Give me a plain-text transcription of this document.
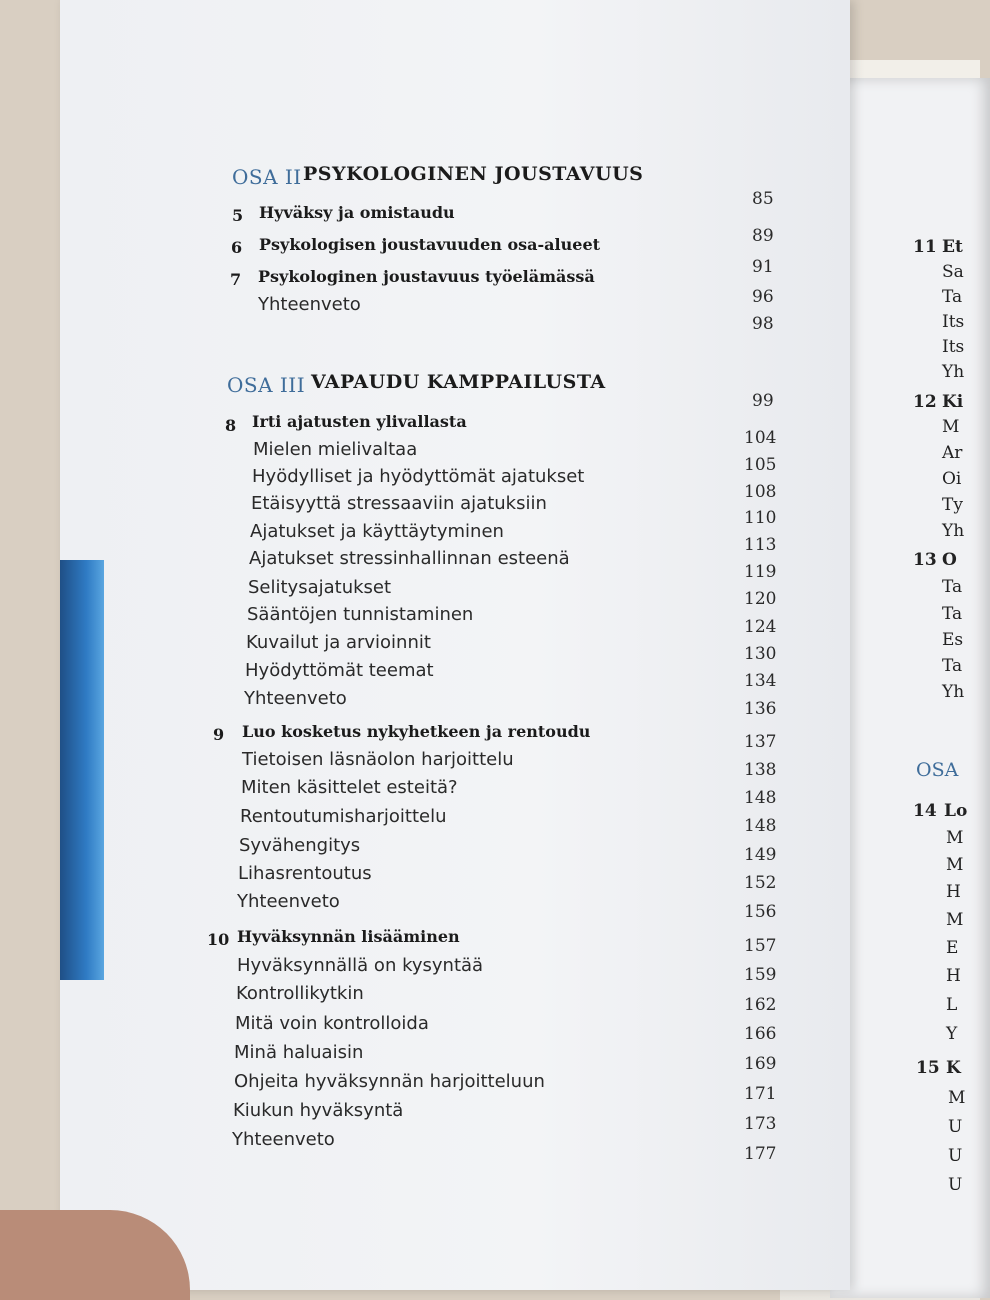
OSA II PSYKOLOGINEN JOUSTAVUUS
5 Hyväksy ja omistaudu
6 Psykologisen joustavuuden osa-alueet
7 Psykologinen joustavuus työelämässä
Yhteenveto
OSA III VAPAUDU KAMPPAILUSTA
8 Irti ajatusten ylivallasta
Mielen mielivaltaa
Hyödylliset ja hyödyttömät ajatukset
Etäisyyttä stressaaviin ajatuksiin
Ajatukset ja käyttäytyminen
Ajatukset stressinhallinnan esteenä
Selitysajatukset
Sääntöjen tunnistaminen
Kuvailut ja arvioinnit
Hyödyttömät teemat
Yhteenveto
9 Luo kosketus nykyhetkeen ja rentoudu
Tietoisen läsnäolon harjoittelu
Miten käsittelet esteitä?
Rentoutumisharjoittelu
Syvähengitys
Lihasrentoutus
Yhteenveto
10 Hyväksynnän lisääminen
Hyväksynnällä on kysyntää
Kontrollikytkin
Mitä voin kontrolloida
Minä haluaisin
Ohjeita hyväksynnän harjoitteluun
Kiukun hyväksyntä
Yhteenveto
85
89
91
96
98
99
104
105
108
110
113
119
120
124
130
134
136
137
138
148
148
149
152
156
157
159
162
166
169
171
173
177
11 Et
Sa
Ta
Its
Its
Yh
12 Ki
M
Ar
Oi
Ty
Yh
13 O
Ta
Ta
Es
Ta
Yh
OSA
14 Lo
M
M
H
M
E
H
L
Y
15 K
M
U
U
U
